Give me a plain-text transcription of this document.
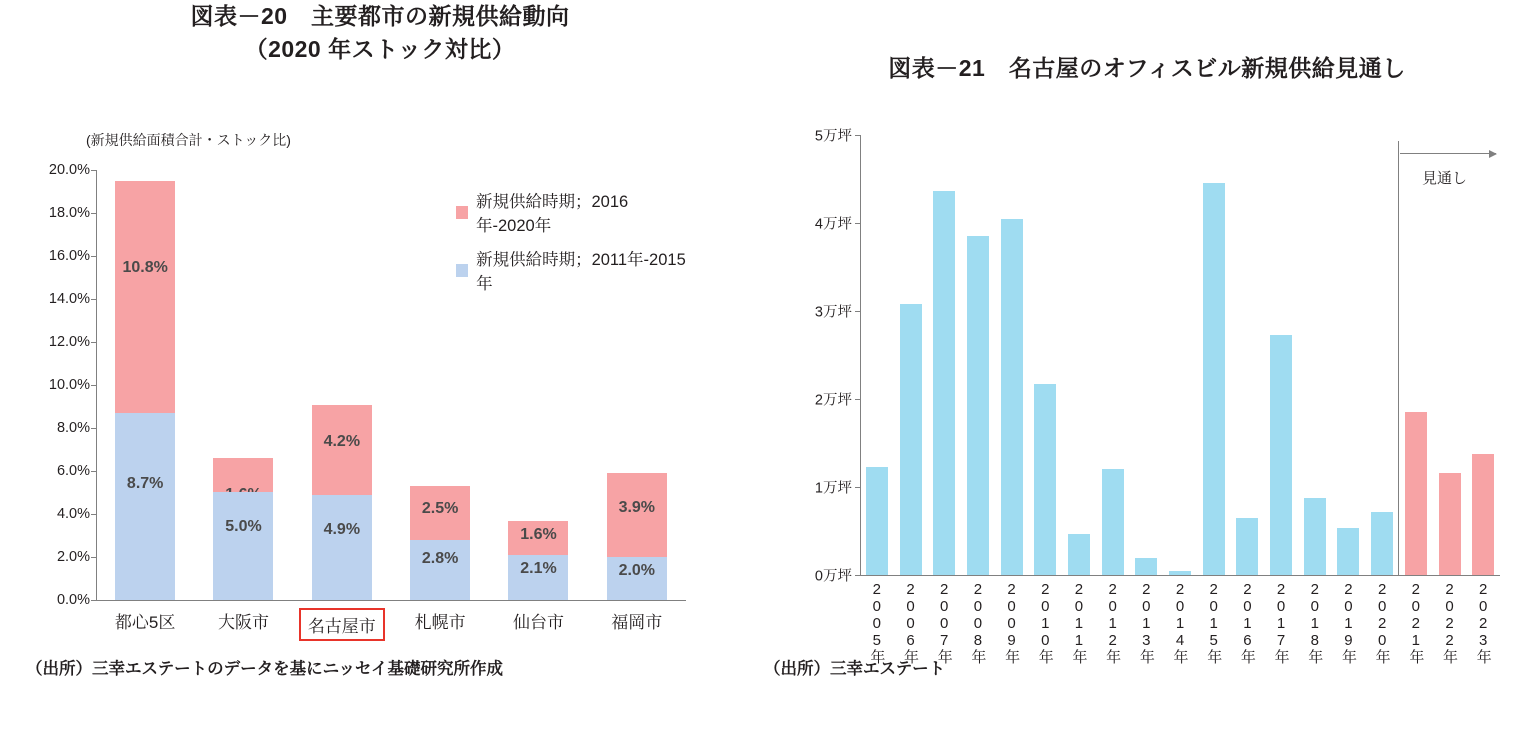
図表－20　主要都市の新規供給動向
（2020 年ストック対比）
(新規供給面積合計・ストック比)
0.0%
2.0%
4.0%
6.0%
8.0%
10.0%
12.0%
14.0%
16.0%
18.0%
20.0%
新規供給時期；2016年-2020年
新規供給時期；2011年-2015年
10.8%
8.7%
5.0%
4.2%
4.9%
2.5%
2.8%
1.6%
2.1%
3.9%
2.0%
都心5区	大阪市	名古屋市	札幌市	仙台市	福岡市
（出所）三幸エステートのデータを基にニッセイ基礎研究所作成
図表－21　名古屋のオフィスビル新規供給見通し
0万坪
1万坪
2万坪
3万坪
4万坪
5万坪
見通し
2005年 2006年 2007年 2008年 2009年 2010年 2011年 2012年 2013年 2014年 2015年 2016年 2017年 2018年 2019年 2020年 2021年 2022年 2023年
（出所）三幸エステート
